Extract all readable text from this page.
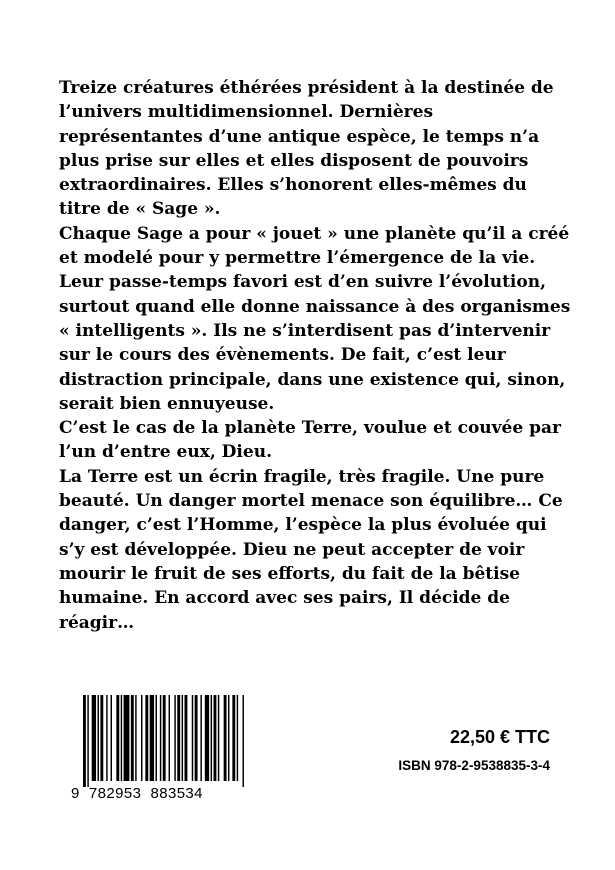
Treize créatures éthérées président à la destinée de l’univers multidimensionnel. Dernières représentantes d’une antique espèce, le temps n’a plus prise sur elles et elles disposent de pouvoirs extraordinaires. Elles s’honorent elles-mêmes du titre de « Sage ».

Chaque Sage a pour « jouet » une planète qu’il a créé et modelé pour y permettre l’émergence de la vie. Leur passe-temps favori est d’en suivre l’évolution, surtout quand elle donne naissance à des organismes « intelligents ». Ils ne s’interdisent pas d’intervenir sur le cours des évènements. De fait, c’est leur distraction principale, dans une existence qui, sinon, serait bien ennuyeuse.

C’est le cas de la planète Terre, voulue et couvée par l’un d’entre eux, Dieu.

La Terre est un écrin fragile, très fragile. Une pure beauté. Un danger mortel menace son équilibre… Ce danger, c’est l’Homme, l’espèce la plus évoluée qui s’y est développée. Dieu ne peut accepter de voir mourir le fruit de ses efforts, du fait de la bêtise humaine. En accord avec ses pairs, Il décide de réagir…

9  782953  883534
22,50 € TTC
ISBN 978-2-9538835-3-4
